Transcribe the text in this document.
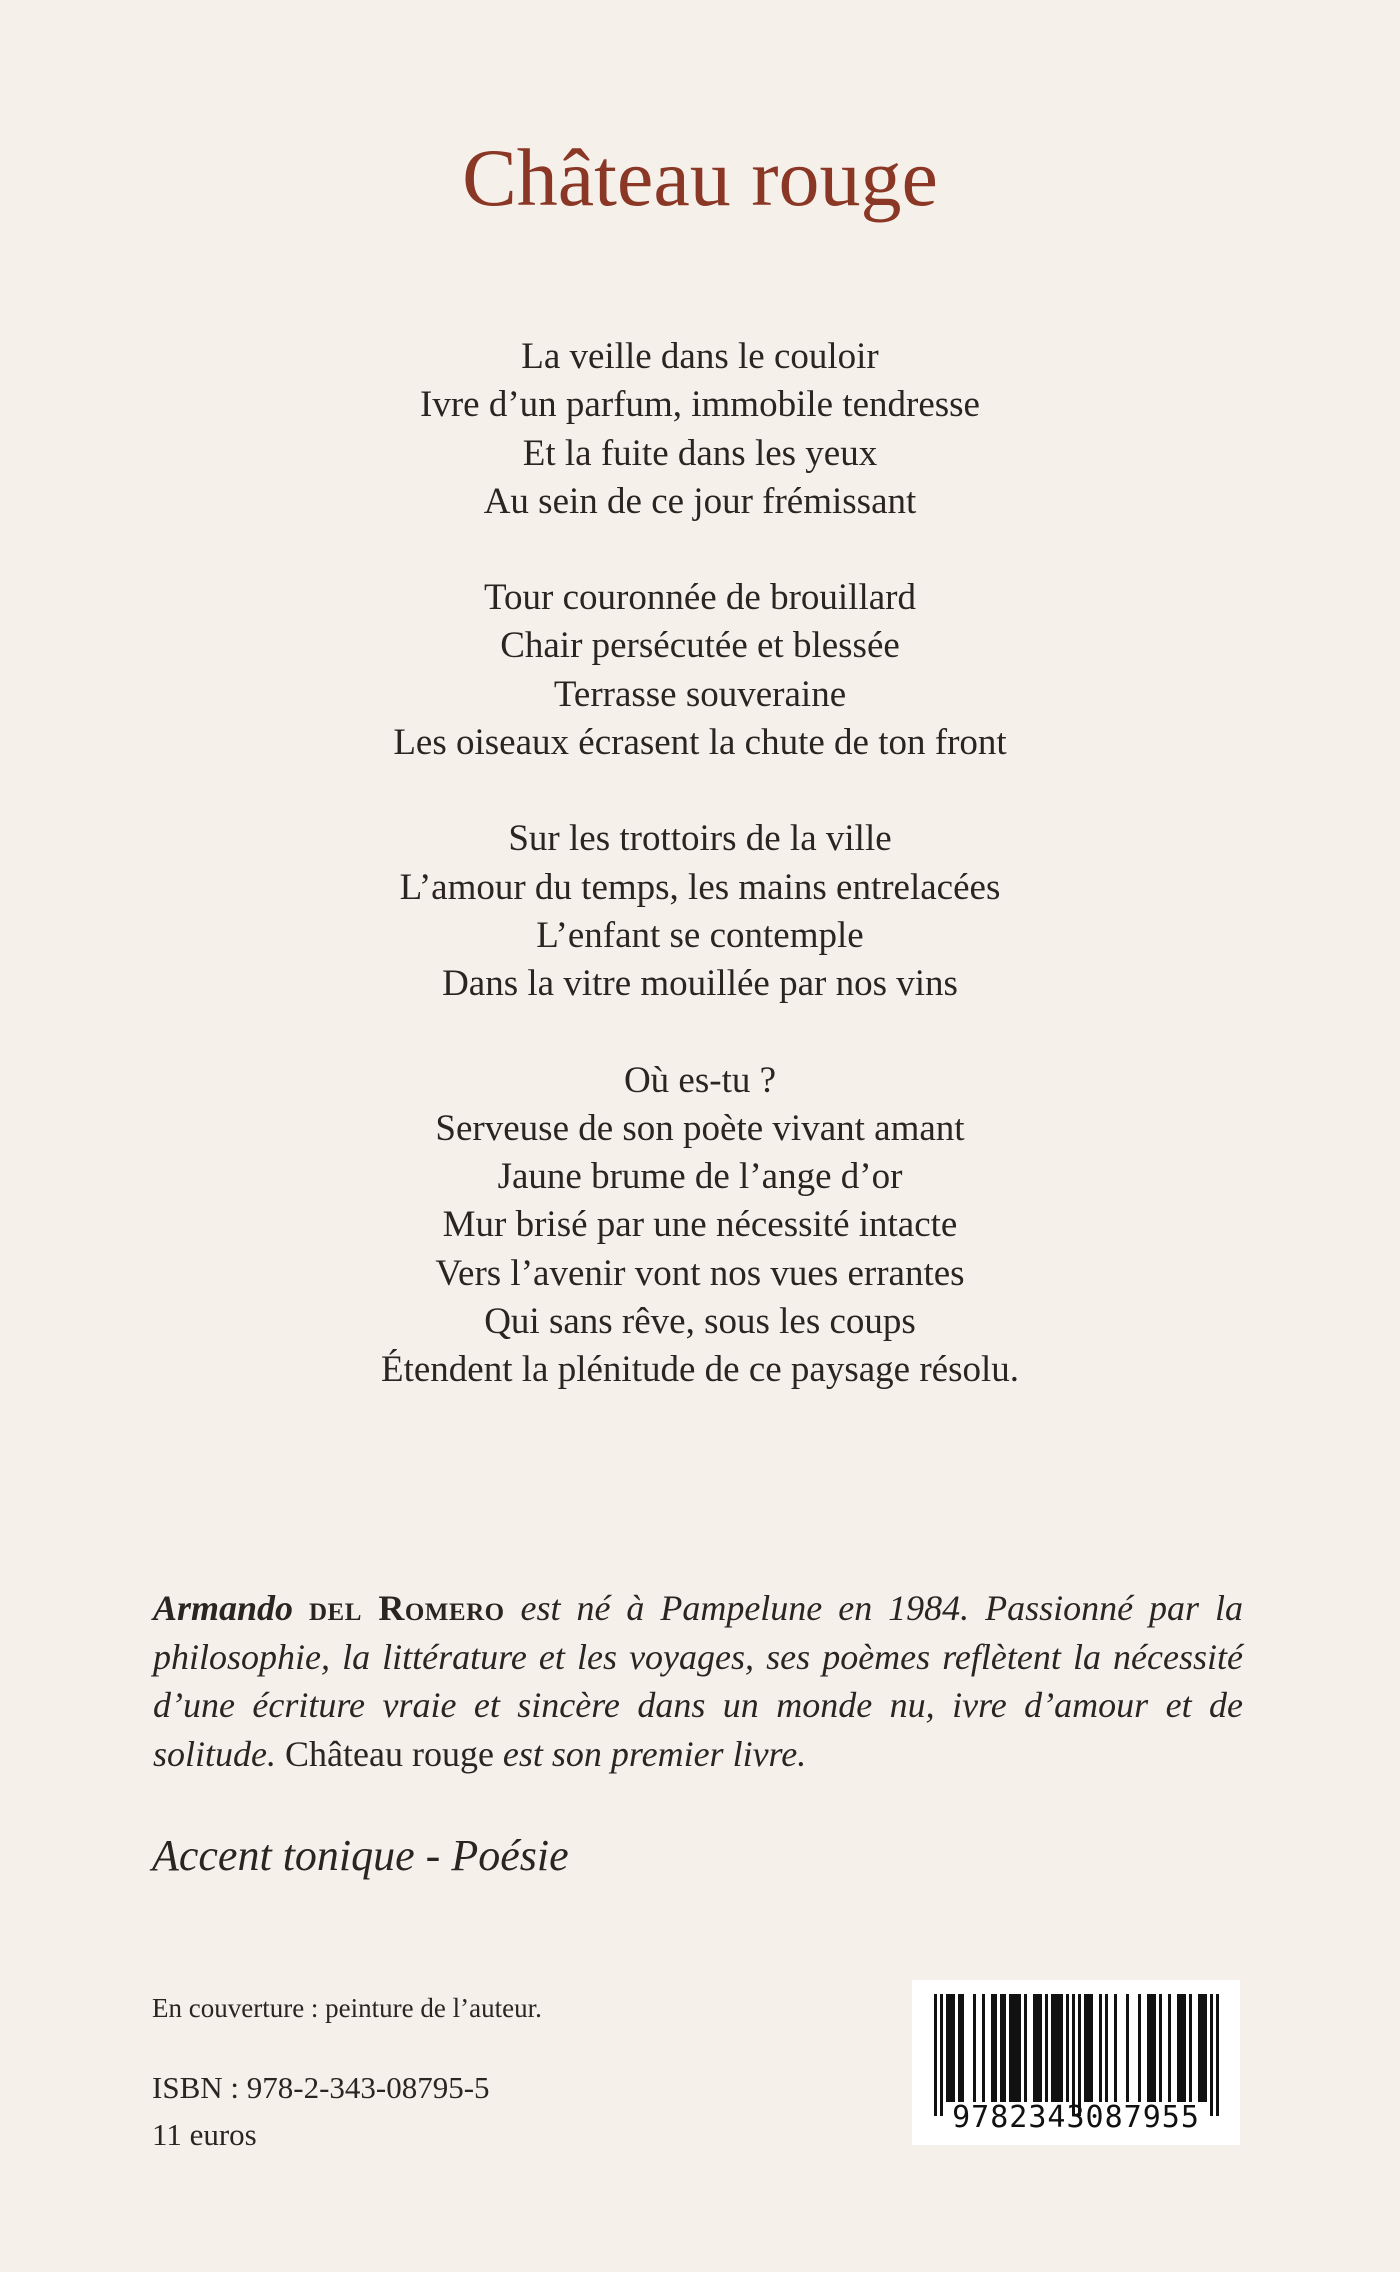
Château rouge
La veille dans le couloir
Ivre d’un parfum, immobile tendresse
Et la fuite dans les yeux
Au sein de ce jour frémissant
Tour couronnée de brouillard
Chair persécutée et blessée
Terrasse souveraine
Les oiseaux écrasent la chute de ton front
Sur les trottoirs de la ville
L’amour du temps, les mains entrelacées
L’enfant se contemple
Dans la vitre mouillée par nos vins
Où es-tu ?
Serveuse de son poète vivant amant
Jaune brume de l’ange d’or
Mur brisé par une nécessité intacte
Vers l’avenir vont nos vues errantes
Qui sans rêve, sous les coups
Étendent la plénitude de ce paysage résolu.

Armando del Romero est né à Pampelune en 1984. Passionné par la philosophie, la littérature et les voyages, ses poèmes reflètent la nécessité d’une écriture vraie et sincère dans un monde nu, ivre d’amour et de solitude. Château rouge est son premier livre.

Accent tonique - Poésie
En couverture : peinture de l’auteur.
ISBN : 978-2-343-08795-5
11 euros	9782343087955
